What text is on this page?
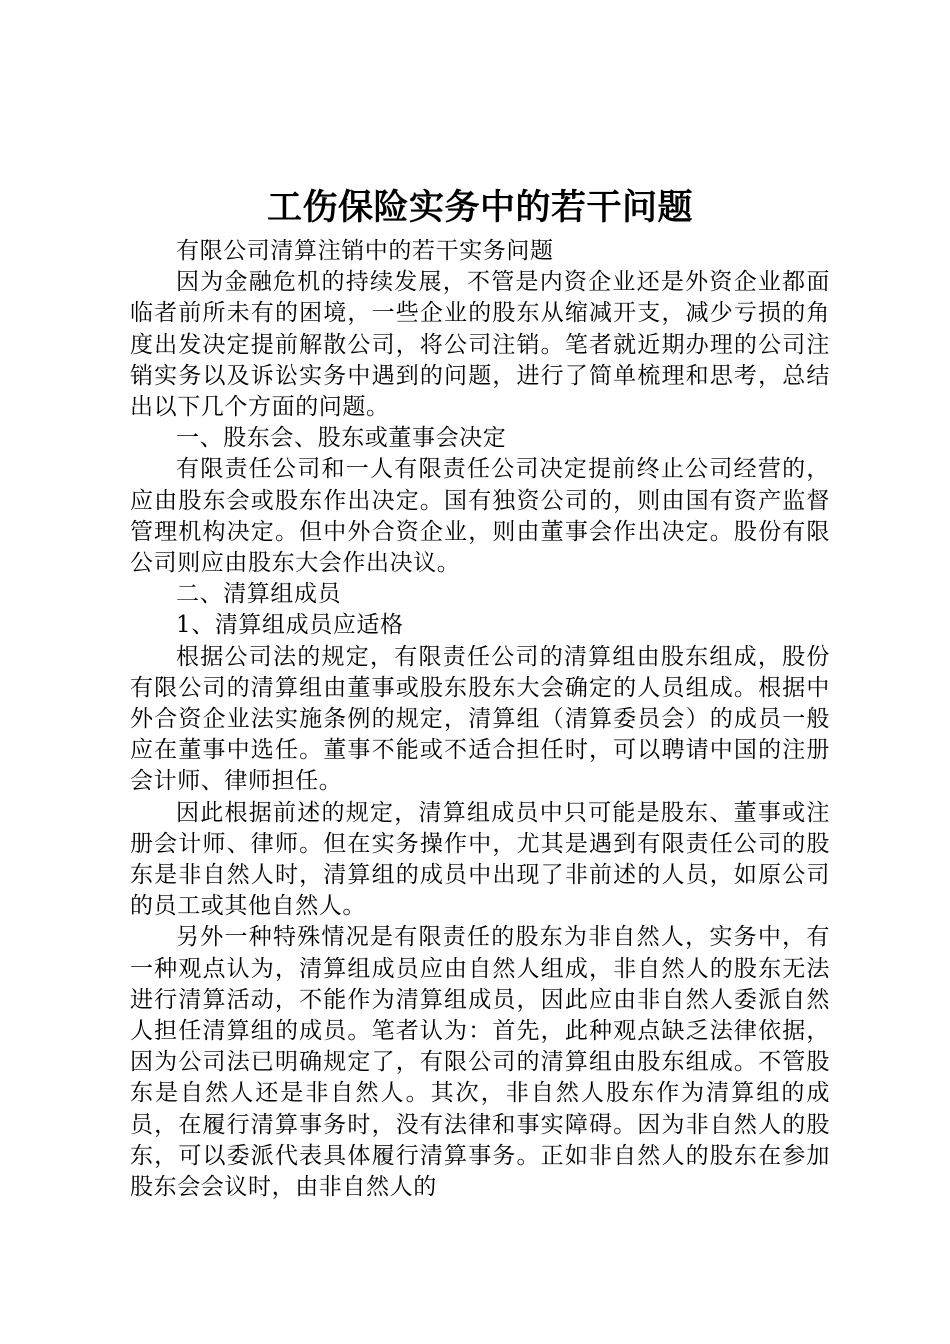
工伤保险实务中的若干问题

有限公司清算注销中的若干实务问题

因为金融危机的持续发展，不管是内资企业还是外资企业都面临者前所未有的困境，一些企业的股东从缩减开支，减少亏损的角度出发决定提前解散公司，将公司注销。笔者就近期办理的公司注销实务以及诉讼实务中遇到的问题，进行了简单梳理和思考，总结出以下几个方面的问题。

一、股东会、股东或董事会决定

有限责任公司和一人有限责任公司决定提前终止公司经营的，应由股东会或股东作出决定。国有独资公司的，则由国有资产监督管理机构决定。但中外合资企业，则由董事会作出决定。股份有限公司则应由股东大会作出决议。

二、清算组成员

1、清算组成员应适格

根据公司法的规定，有限责任公司的清算组由股东组成，股份有限公司的清算组由董事或股东股东大会确定的人员组成。根据中外合资企业法实施条例的规定，清算组（清算委员会）的成员一般应在董事中选任。董事不能或不适合担任时，可以聘请中国的注册会计师、律师担任。

因此根据前述的规定，清算组成员中只可能是股东、董事或注册会计师、律师。但在实务操作中，尤其是遇到有限责任公司的股东是非自然人时，清算组的成员中出现了非前述的人员，如原公司的员工或其他自然人。

另外一种特殊情况是有限责任的股东为非自然人，实务中，有一种观点认为，清算组成员应由自然人组成，非自然人的股东无法进行清算活动，不能作为清算组成员，因此应由非自然人委派自然人担任清算组的成员。笔者认为：首先，此种观点缺乏法律依据，因为公司法已明确规定了，有限公司的清算组由股东组成。不管股东是自然人还是非自然人。其次，非自然人股东作为清算组的成员，在履行清算事务时，没有法律和事实障碍。因为非自然人的股东，可以委派代表具体履行清算事务。正如非自然人的股东在参加股东会会议时，由非自然人的
